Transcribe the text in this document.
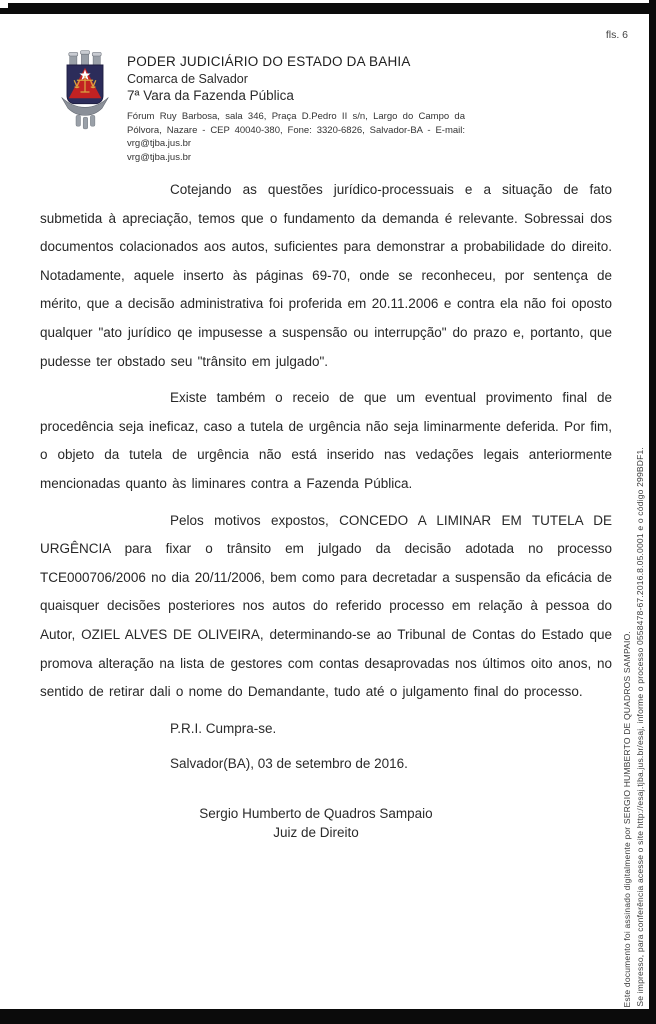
fls. 6
PODER JUDICIÁRIO DO ESTADO DA BAHIA
Comarca de Salvador
7ª Vara da Fazenda Pública

Fórum Ruy Barbosa, sala 346, Praça D.Pedro II s/n, Largo do Campo da Pólvora, Nazare - CEP 40040-380, Fone: 3320-6826, Salvador-BA - E-mail: vrg@tjba.jus.br

vrg@tjba.jus.br

Cotejando as questões jurídico-processuais e a situação de fato submetida à apreciação, temos que o fundamento da demanda é relevante. Sobressai dos documentos colacionados aos autos, suficientes para demonstrar a probabilidade do direito. Notadamente, aquele inserto às páginas 69-70, onde se reconheceu, por sentença de mérito, que a decisão administrativa foi proferida em 20.11.2006 e contra ela não foi oposto qualquer "ato jurídico qe impusesse a suspensão ou interrupção" do prazo e, portanto, que pudesse ter obstado seu "trânsito em julgado".

Existe também o receio de que um eventual provimento final de procedência seja ineficaz, caso a tutela de urgência não seja liminarmente deferida. Por fim, o objeto da tutela de urgência não está inserido nas vedações legais anteriormente mencionadas quanto às liminares contra a Fazenda Pública.

Pelos motivos expostos, CONCEDO A LIMINAR EM TUTELA DE URGÊNCIA para fixar o trânsito em julgado da decisão adotada no processo TCE000706/2006 no dia 20/11/2006, bem como para decretadar a suspensão da eficácia de quaisquer decisões posteriores nos autos do referido processo em relação à pessoa do Autor, OZIEL ALVES DE OLIVEIRA, determinando-se ao Tribunal de Contas do Estado que promova alteração na lista de gestores com contas desaprovadas nos últimos oito anos, no sentido de retirar dali o nome do Demandante, tudo até o julgamento final do processo.

P.R.I. Cumpra-se.
Salvador(BA), 03 de setembro de 2016.
Sergio Humberto de Quadros Sampaio
Juiz de Direito	Este documento foi assinado digitalmente por SERGIO HUMBERTO DE QUADROS SAMPAIO. Se impresso, para conferência acesse o site http://esaj.tjba.jus.br/esaj, informe o processo 0558478-67.2016.8.05.0001 e o código 299BDF1.
